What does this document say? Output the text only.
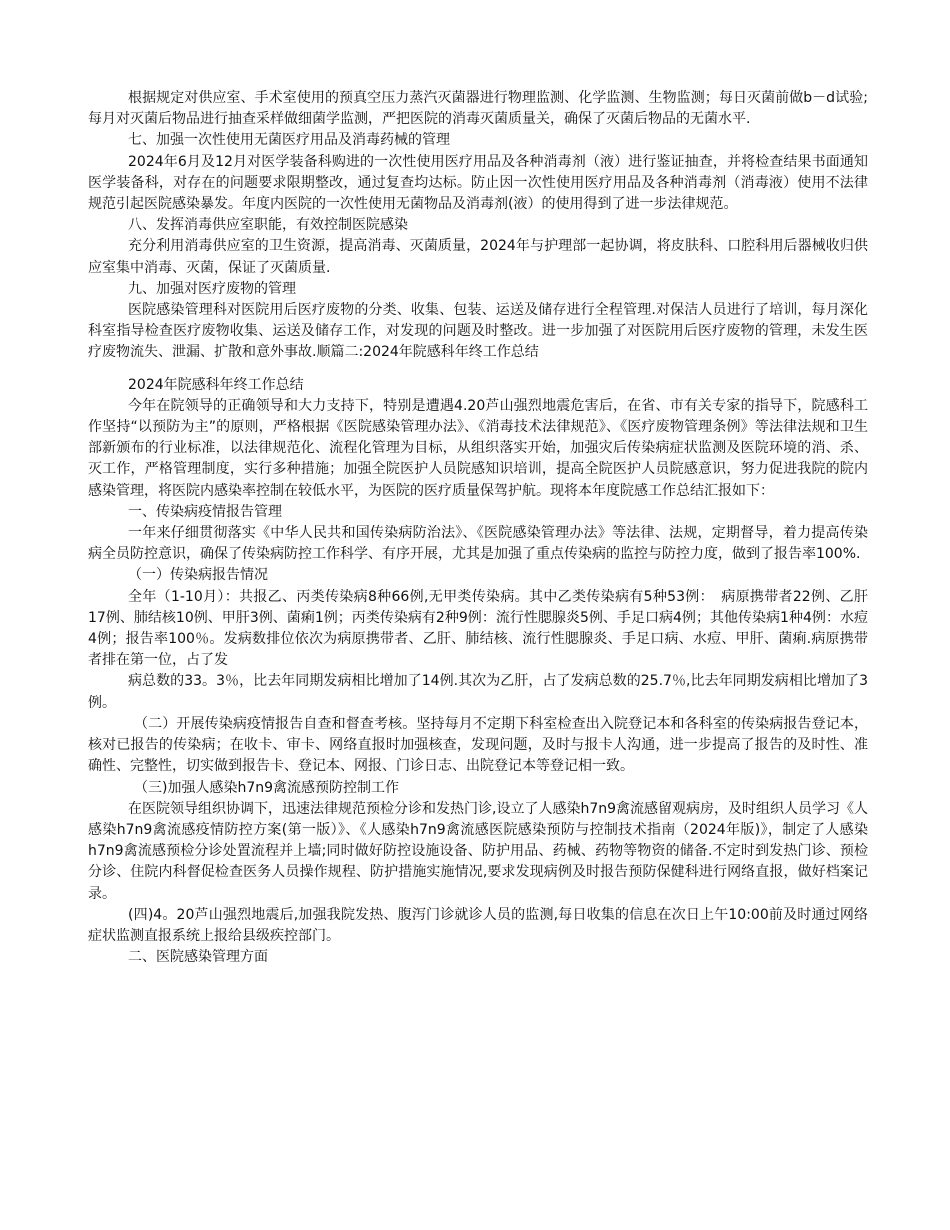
根据规定对供应室、手术室使用的预真空压力蒸汽灭菌器进行物理监测、化学监测、生物监测；每日灭菌前做b－d试验;每月对灭菌后物品进行抽查采样做细菌学监测，严把医院的消毒灭菌质量关，确保了灭菌后物品的无菌水平.

七、加强一次性使用无菌医疗用品及消毒药械的管理

2024年6月及12月对医学装备科购进的一次性使用医疗用品及各种消毒剂（液）进行鉴证抽查，并将检查结果书面通知医学装备科，对存在的问题要求限期整改，通过复查均达标。防止因一次性使用医疗用品及各种消毒剂（消毒液）使用不法律规范引起医院感染暴发。年度内医院的一次性使用无菌物品及消毒剂(液）的使用得到了进一步法律规范。

八、发挥消毒供应室职能，有效控制医院感染

充分利用消毒供应室的卫生资源，提高消毒、灭菌质量，2024年与护理部一起协调，将皮肤科、口腔科用后器械收归供应室集中消毒、灭菌，保证了灭菌质量.

九、加强对医疗废物的管理

医院感染管理科对医院用后医疗废物的分类、收集、包装、运送及储存进行全程管理.对保洁人员进行了培训，每月深化科室指导检查医疗废物收集、运送及储存工作，对发现的问题及时整改。进一步加强了对医院用后医疗废物的管理，未发生医疗废物流失、泄漏、扩散和意外事故.顺篇二:2024年院感科年终工作总结

2024年院感科年终工作总结

今年在院领导的正确领导和大力支持下，特别是遭遇4.20芦山强烈地震危害后，在省、市有关专家的指导下，院感科工作坚持“以预防为主”的原则，严格根据《医院感染管理办法》、《消毒技术法律规范》、《医疗废物管理条例》等法律法规和卫生部新颁布的行业标准，以法律规范化、流程化管理为目标，从组织落实开始，加强灾后传染病症状监测及医院环境的消、杀、灭工作，严格管理制度，实行多种措施；加强全院医护人员院感知识培训，提高全院医护人员院感意识，努力促进我院的院内感染管理，将医院内感染率控制在较低水平，为医院的医疗质量保驾护航。现将本年度院感工作总结汇报如下：

一、传染病疫情报告管理

一年来仔细贯彻落实《中华人民共和国传染病防治法》、《医院感染管理办法》等法律、法规，定期督导，着力提高传染病全员防控意识，确保了传染病防控工作科学、有序开展，尤其是加强了重点传染病的监控与防控力度，做到了报告率100%.

（一）传染病报告情况

全年（1-10月）：共报乙、丙类传染病8种66例,无甲类传染病。其中乙类传染病有5种53例：　病原携带者22例、乙肝17例、肺结核10例、甲肝3例、菌痢1例；丙类传染病有2种9例：流行性腮腺炎5例、手足口病4例；其他传染病1种4例：水痘4例；报告率100％。发病数排位依次为病原携带者、乙肝、肺结核、流行性腮腺炎、手足口病、水痘、甲肝、菌痢.病原携带者排在第一位，占了发

病总数的33。3％，比去年同期发病相比增加了14例.其次为乙肝，占了发病总数的25.7％,比去年同期发病相比增加了3例。

（二）开展传染病疫情报告自查和督查考核。坚持每月不定期下科室检查出入院登记本和各科室的传染病报告登记本，核对已报告的传染病；在收卡、审卡、网络直报时加强核查，发现问题，及时与报卡人沟通，进一步提高了报告的及时性、准确性、完整性，切实做到报告卡、登记本、网报、门诊日志、出院登记本等登记相一致。

（三)加强人感染h7n9禽流感预防控制工作

在医院领导组织协调下，迅速法律规范预检分诊和发热门诊,设立了人感染h7n9禽流感留观病房，及时组织人员学习《人感染h7n9禽流感疫情防控方案(第一版）》、《人感染h7n9禽流感医院感染预防与控制技术指南（2024年版)》，制定了人感染h7n9禽流感预检分诊处置流程并上墙;同时做好防控设施设备、防护用品、药械、药物等物资的储备.不定时到发热门诊、预检分诊、住院内科督促检查医务人员操作规程、防护措施实施情况,要求发现病例及时报告预防保健科进行网络直报，做好档案记录。

(四)4。20芦山强烈地震后,加强我院发热、腹泻门诊就诊人员的监测,每日收集的信息在次日上午10:00前及时通过网络症状监测直报系统上报给县级疾控部门。

二、医院感染管理方面
